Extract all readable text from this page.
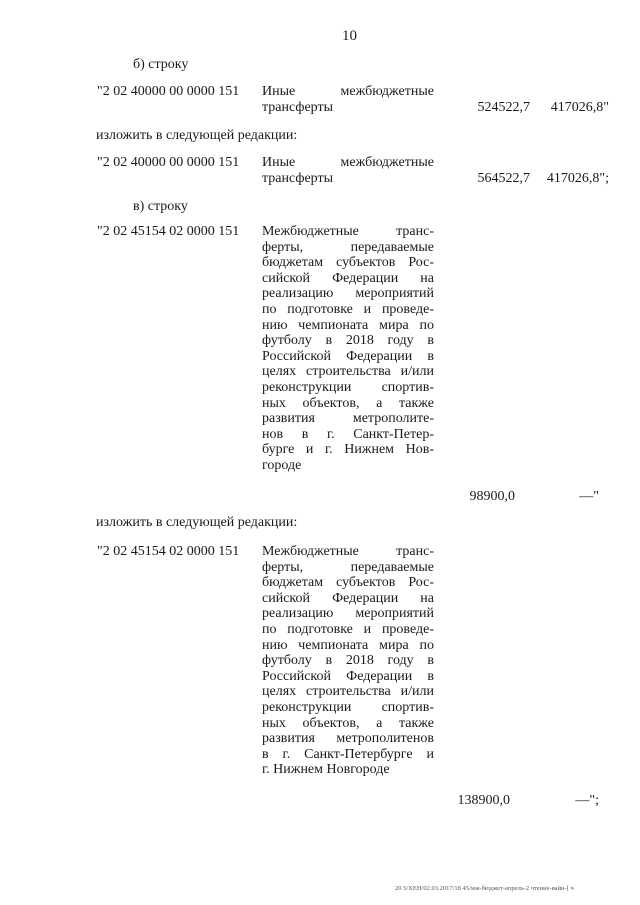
10
б) строку
"2 02 40000 00 0000 151 Иные межбюджетные
трансферты	524522,7	417026,8"
изложить в следующей редакции:
"2 02 40000 00 0000 151 Иные межбюджетные
трансферты	564522,7	417026,8";
в) строку
"2 02 45154 02 0000 151 Межбюджетные транс-
ферты, передаваемые
бюджетам субъектов Рос-
сийской Федерации на
реализацию мероприятий
по подготовке и проведе-
нию чемпионата мира по
футболу в 2018 году в
Российской Федерации в
целях строительства и/или
реконструкции спортив-
ных объектов, а также
развития метрополитe-
нов в г. Санкт-Петер-
бурге и г. Нижнем Нов-
городе
98900,0	—"
изложить в следующей редакции:
"2 02 45154 02 0000 151 Межбюджетные транс-
ферты, передаваемые
бюджетам субъектов Рос-
сийской Федерации на
реализацию мероприятий
по подготовке и проведе-
нию чемпионата мира по
футболу в 2018 году в
Российской Федерации в
целях строительства и/или
реконструкции спортив-
ных объектов, а также
развития метрополитенов
в г. Санкт-Петербурге и
г. Нижнем Новгороде
138900,0	—";
20 5/ХЕН/02.03.2017/18 45/мж-бюджет-апрель-2 чтение-вайн-[ ч
